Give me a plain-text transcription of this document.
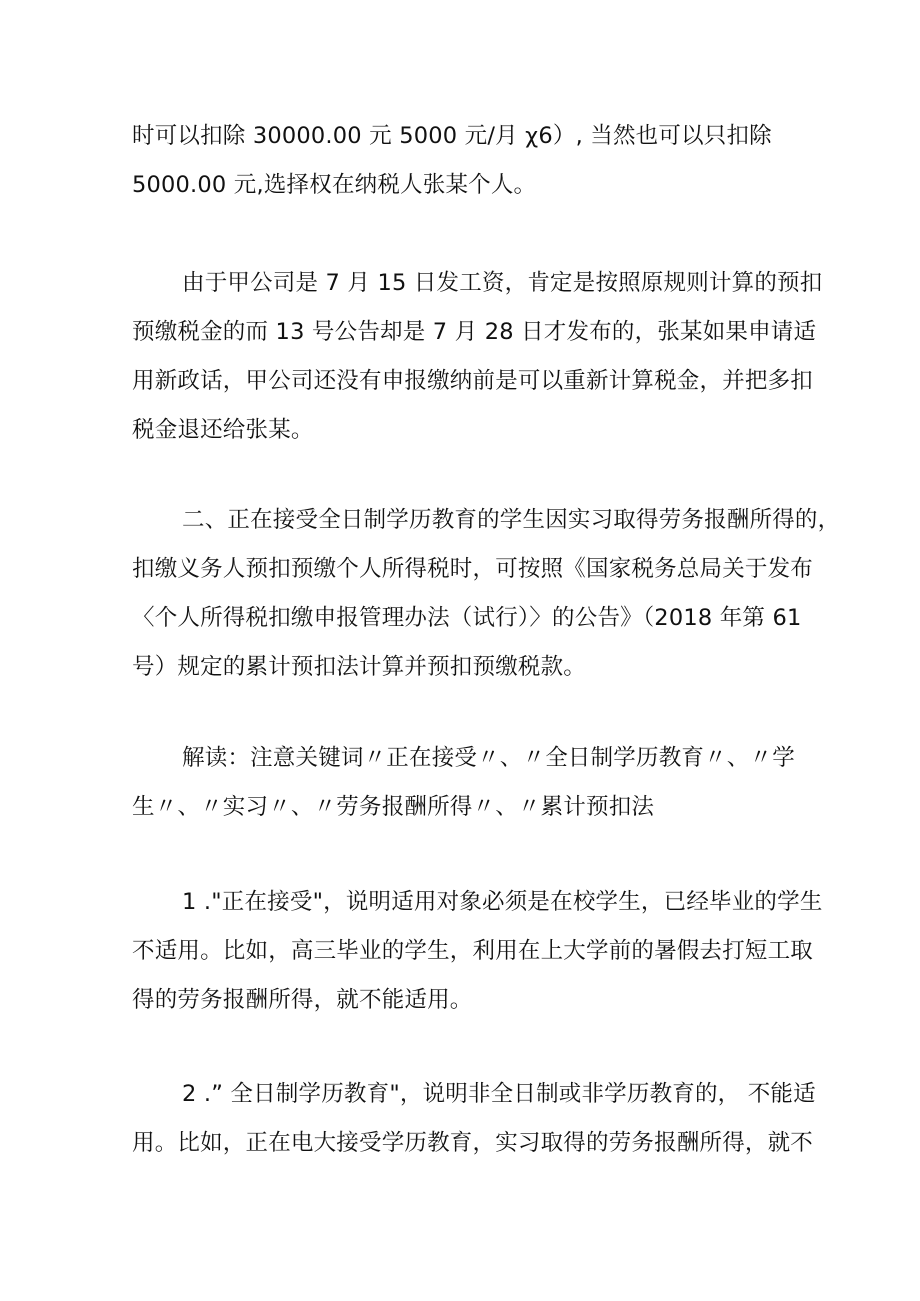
时可以扣除 30000.00 元 5000 元/月 χ6）, 当然也可以只扣除
5000.00 元,选择权在纳税人张某个人。

由于甲公司是 7 月 15 日发工资，肯定是按照原规则计算的预扣
预缴税金的而 13 号公告却是 7 月 28 日才发布的，张某如果申请适
用新政话，甲公司还没有申报缴纳前是可以重新计算税金，并把多扣
税金退还给张某。

二、正在接受全日制学历教育的学生因实习取得劳务报酬所得的，
扣缴义务人预扣预缴个人所得税时，可按照《国家税务总局关于发布
〈个人所得税扣缴申报管理办法（试行）〉的公告》（2018 年第 61
号）规定的累计预扣法计算并预扣预缴税款。

解读：注意关键词〃正在接受〃、〃全日制学历教育〃、〃学
生〃、〃实习〃、〃劳务报酬所得〃、〃累计预扣法

1 ."正在接受"，说明适用对象必须是在校学生，已经毕业的学生
不适用。比如，高三毕业的学生，利用在上大学前的暑假去打短工取
得的劳务报酬所得，就不能适用。

2 .” 全日制学历教育"，说明非全日制或非学历教育的， 不能适
用。比如，正在电大接受学历教育，实习取得的劳务报酬所得，就不
